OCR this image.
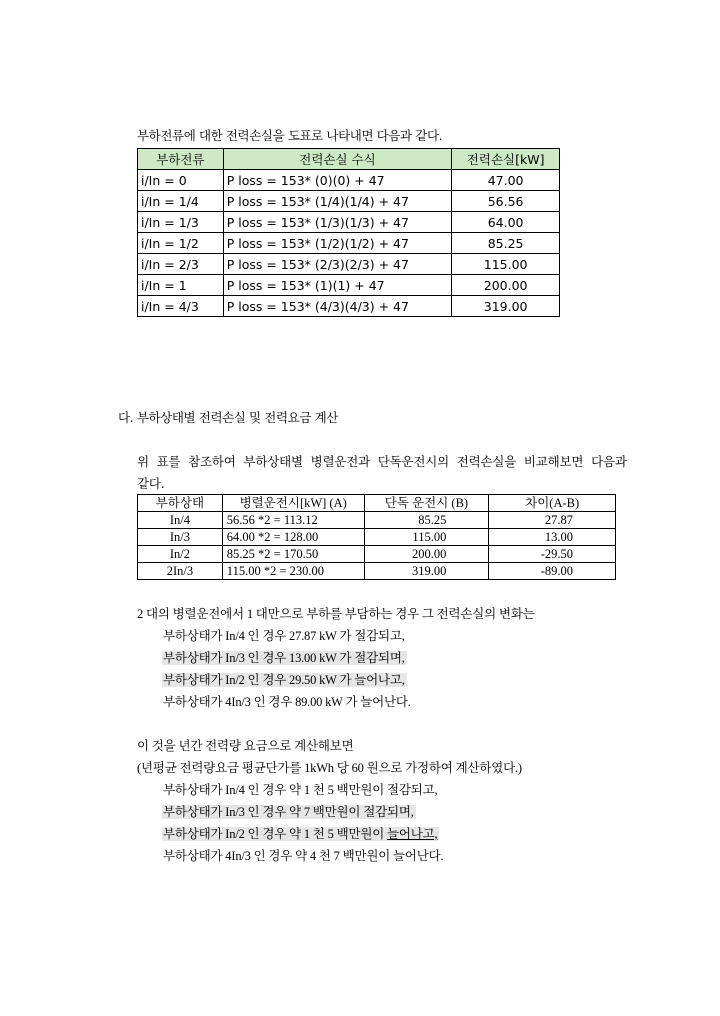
부하전류에 대한 전력손실을 도표로 나타내면 다음과 같다.
부하전류	전력손실 수식	전력손실[kW]
i/In = 0	P loss = 153* (0)(0) + 47	47.00
i/In = 1/4	P loss = 153* (1/4)(1/4) + 47	56.56
i/In = 1/3	P loss = 153* (1/3)(1/3) + 47	64.00
i/In = 1/2	P loss = 153* (1/2)(1/2) + 47	85.25
i/In = 2/3	P loss = 153* (2/3)(2/3) + 47	115.00
i/In = 1	P loss = 153* (1)(1) + 47	200.00
i/In = 4/3	P loss = 153* (4/3)(4/3) + 47	319.00
다. 부하상태별 전력손실 및 전력요금 계산
위 표를 참조하여 부하상태별 병렬운전과 단독운전시의 전력손실을 비교해보면 다음과
같다.
부하상태	병렬운전시[kW] (A)	단독 운전시 (B)	차이(A-B)
In/4	56.56 *2 = 113.12	85.25	27.87
In/3	64.00 *2 = 128.00	115.00	13.00
In/2	85.25 *2 = 170.50	200.00	-29.50
2In/3	115.00 *2 = 230.00	319.00	-89.00
2 대의 병렬운전에서 1 대만으로 부하를 부담하는 경우 그 전력손실의 변화는
부하상태가 In/4 인 경우 27.87 kW 가 절감되고,
부하상태가 In/3 인 경우 13.00 kW 가 절감되며,
부하상태가 In/2 인 경우 29.50 kW 가 늘어나고,
부하상태가 4In/3 인 경우 89.00 kW 가 늘어난다.
이 것을 년간 전력량 요금으로 계산해보면
(년평균 전력량요금 평균단가를 1kWh 당 60 원으로 가정하여 계산하였다.)
부하상태가 In/4 인 경우 약 1 천 5 백만원이 절감되고,
부하상태가 In/3 인 경우 약 7 백만원이 절감되며,
부하상태가 In/2 인 경우 약 1 천 5 백만원이 늘어나고,
부하상태가 4In/3 인 경우 약 4 천 7 백만원이 늘어난다.
